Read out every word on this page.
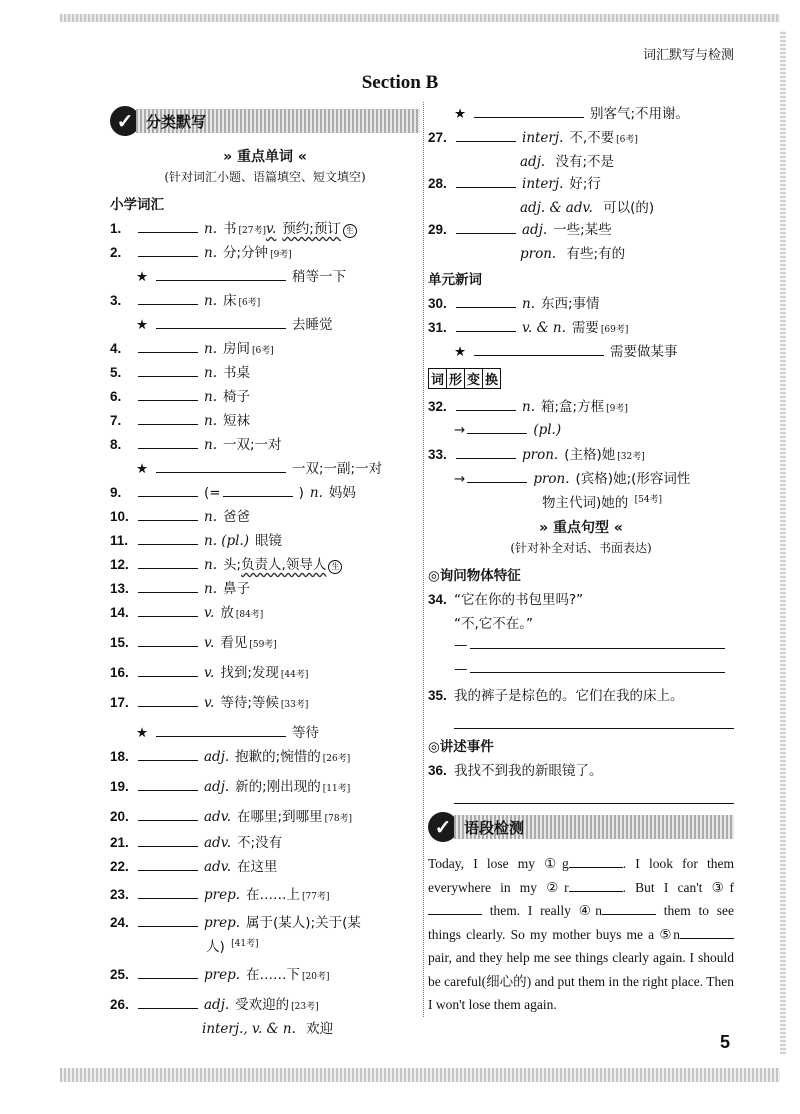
词汇默写与检测
Section B
✓ 分类默写
» 重点单词 «
(针对词汇小题、语篇填空、短文填空)
小学词汇
1.	n. 书 [27考] v. 预约;预订 生
2.	n. 分;分钟 [9考]
★	稍等一下
3.	n. 床 [6考]
★	去睡觉
4.	n. 房间 [6考]
5.	n. 书桌
6.	n. 椅子
7.	n. 短袜
8.	n. 一双;一对
★	一双;一副;一对
9.	(=	) n. 妈妈
10.	n. 爸爸
11.	n. (pl.) 眼镜
12.	n. 头; 负责人,领导人 生
13.	n. 鼻子
14.	v. 放 [84考]
15.	v. 看见 [59考]
16.	v. 找到;发现 [44考]
17.	v. 等待;等候 [33考]
★	等待
18.	adj. 抱歉的;惋惜的 [26考]
19.	adj. 新的;刚出现的 [11考]
20.	adv. 在哪里;到哪里 [78考]
21.	adv. 不;没有
22.	adv. 在这里
23.	prep. 在……上 [77考]
24.	prep. 属于(某人);关于(某
人) [41考]
25.	prep. 在……下 [20考]
26.	adj. 受欢迎的 [23考]
interj., v. & n. 欢迎
★	别客气;不用谢。
27.	interj. 不,不要 [6考]
adj. 没有;不是
28.	interj. 好;行
adj. & adv. 可以(的)
29.	adj. 一些;某些
pron. 有些;有的
单元新词
30.	n. 东西;事情
31.	v. & n. 需要 [69考]
★	需要做某事
词 形 变 换
32.	n. 箱;盒;方框 [9考]
→	(pl.)
33.	pron. (主格)她 [32考]
→	pron. (宾格)她;(形容词性
物主代词)她的 [54考]
» 重点句型 «
(针对补全对话、书面表达)
◎询问物体特征
34. “它在你的书包里吗?”
“不,它不在。”
—
—
35. 我的裤子是棕色的。它们在我的床上。
◎讲述事件
36. 我找不到我的新眼镜了。
✓ 语段检测
Today, I lose my ①g	. I look for them everywhere in my ②r	. But I can't ③f them. I really ④n	them to see things clearly. So my mother buys me a ⑤n pair, and they help me see things clearly again. I should be careful(细心的) and put them in the right place. Then I won't lose them again.
5
